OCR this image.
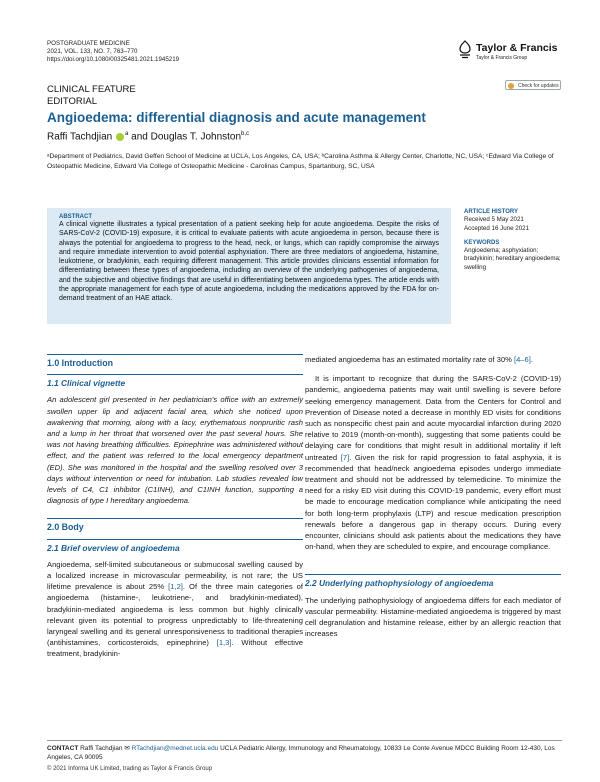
POSTGRADUATE MEDICINE
2021, VOL. 133, NO. 7, 763–770
https://doi.org/10.1080/00325481.2021.1945219
Taylor & Francis
Taylor & Francis Group
Check for updates
CLINICAL FEATURE
EDITORIAL
Angioedema: differential diagnosis and acute management
Raffi Tachdjian $^a$ and Douglas T. Johnston$^{b,c}$
ᵃDepartment of Pediatrics, David Geffen School of Medicine at UCLA, Los Angeles, CA, USA; ᵇCarolina Asthma & Allergy Center, Charlotte, NC, USA; ᶜEdward Via College of Osteopathic Medicine, Edward Via College of Osteopathic Medicine - Carolinas Campus, Spartanburg, SC, USA
ABSTRACT
A clinical vignette illustrates a typical presentation of a patient seeking help for acute angioedema. Despite the risks of SARS-CoV-2 (COVID-19) exposure, it is critical to evaluate patients with acute angioedema in person, because there is always the potential for angioedema to progress to the head, neck, or lungs, which can rapidly compromise the airways and require immediate intervention to avoid potential asphyxiation. There are three mediators of angioedema, histamine, leukotriene, or bradykinin, each requiring different management. This article provides clinicians essential information for differentiating between these types of angioedema, including an overview of the underlying pathogenies of angioedema, and the subjective and objective findings that are useful in differentiating between angioedema types. The article ends with the appropriate management for each type of acute angioedema, including the medications approved by the FDA for on-demand treatment of an HAE attack.
ARTICLE HISTORY
Received 5 May 2021
Accepted 16 June 2021
KEYWORDS
Angioedema; asphyxiation; bradykinin; hereditary angioedema; swelling
1.0 Introduction
1.1 Clinical vignette

An adolescent girl presented in her pediatrician's office with an extremely swollen upper lip and adjacent facial area, which she noticed upon awakening that morning, along with a lacy, erythematous nonpruritic rash and a lump in her throat that worsened over the past several hours. She was not having breathing difficulties. Epinephrine was administered without effect, and the patient was referred to the local emergency department (ED). She was monitored in the hospital and the swelling resolved over 3 days without intervention or need for intubation. Lab studies revealed low levels of C4, C1 inhibitor (C1INH), and C1INH function, supporting a diagnosis of type I hereditary angioedema.

2.0 Body
2.1 Brief overview of angioedema

Angioedema, self-limited subcutaneous or submucosal swelling caused by a localized increase in microvascular permeability, is not rare; the US lifetime prevalence is about 25% [1,2]. Of the three main categories of angioedema (histamine-, leukotriene-, and bradykinin-mediated), bradykinin-mediated angioedema is less common but highly clinically relevant given its potential to progress unpredictably to life-threatening laryngeal swelling and its general unresponsiveness to traditional therapies (antihistamines, corticosteroids, epinephrine) [1,3]. Without effective treatment, bradykinin-

mediated angioedema has an estimated mortality rate of 30% [4–6].

It is important to recognize that during the SARS-CoV-2 (COVID-19) pandemic, angioedema patients may wait until swelling is severe before seeking emergency management. Data from the Centers for Control and Prevention of Disease noted a decrease in monthly ED visits for conditions such as nonspecific chest pain and acute myocardial infarction during 2020 relative to 2019 (month-on-month), suggesting that some patients could be delaying care for conditions that might result in additional mortality if left untreated [7]. Given the risk for rapid progression to fatal asphyxia, it is recommended that head/neck angioedema episodes undergo immediate treatment and should not be addressed by telemedicine. To minimize the need for a risky ED visit during this COVID-19 pandemic, every effort must be made to encourage medication compliance while anticipating the need for both long-term prophylaxis (LTP) and rescue medication prescription renewals before a dangerous gap in therapy occurs. During every encounter, clinicians should ask patients about the medications they have on-hand, when they are scheduled to expire, and encourage compliance.

2.2 Underlying pathophysiology of angioedema

The underlying pathophysiology of angioedema differs for each mediator of vascular permeability. Histamine-mediated angioedema is triggered by mast cell degranulation and histamine release, either by an allergic reaction that increases

CONTACT Raffi Tachdjian ✉ RTachdjian@mednet.ucla.edu UCLA Pediatric Allergy, Immunology and Rheumatology, 10833 Le Conte Avenue MDCC Building Room 12-430, Los Angeles, CA 90095
© 2021 Informa UK Limited, trading as Taylor & Francis Group
